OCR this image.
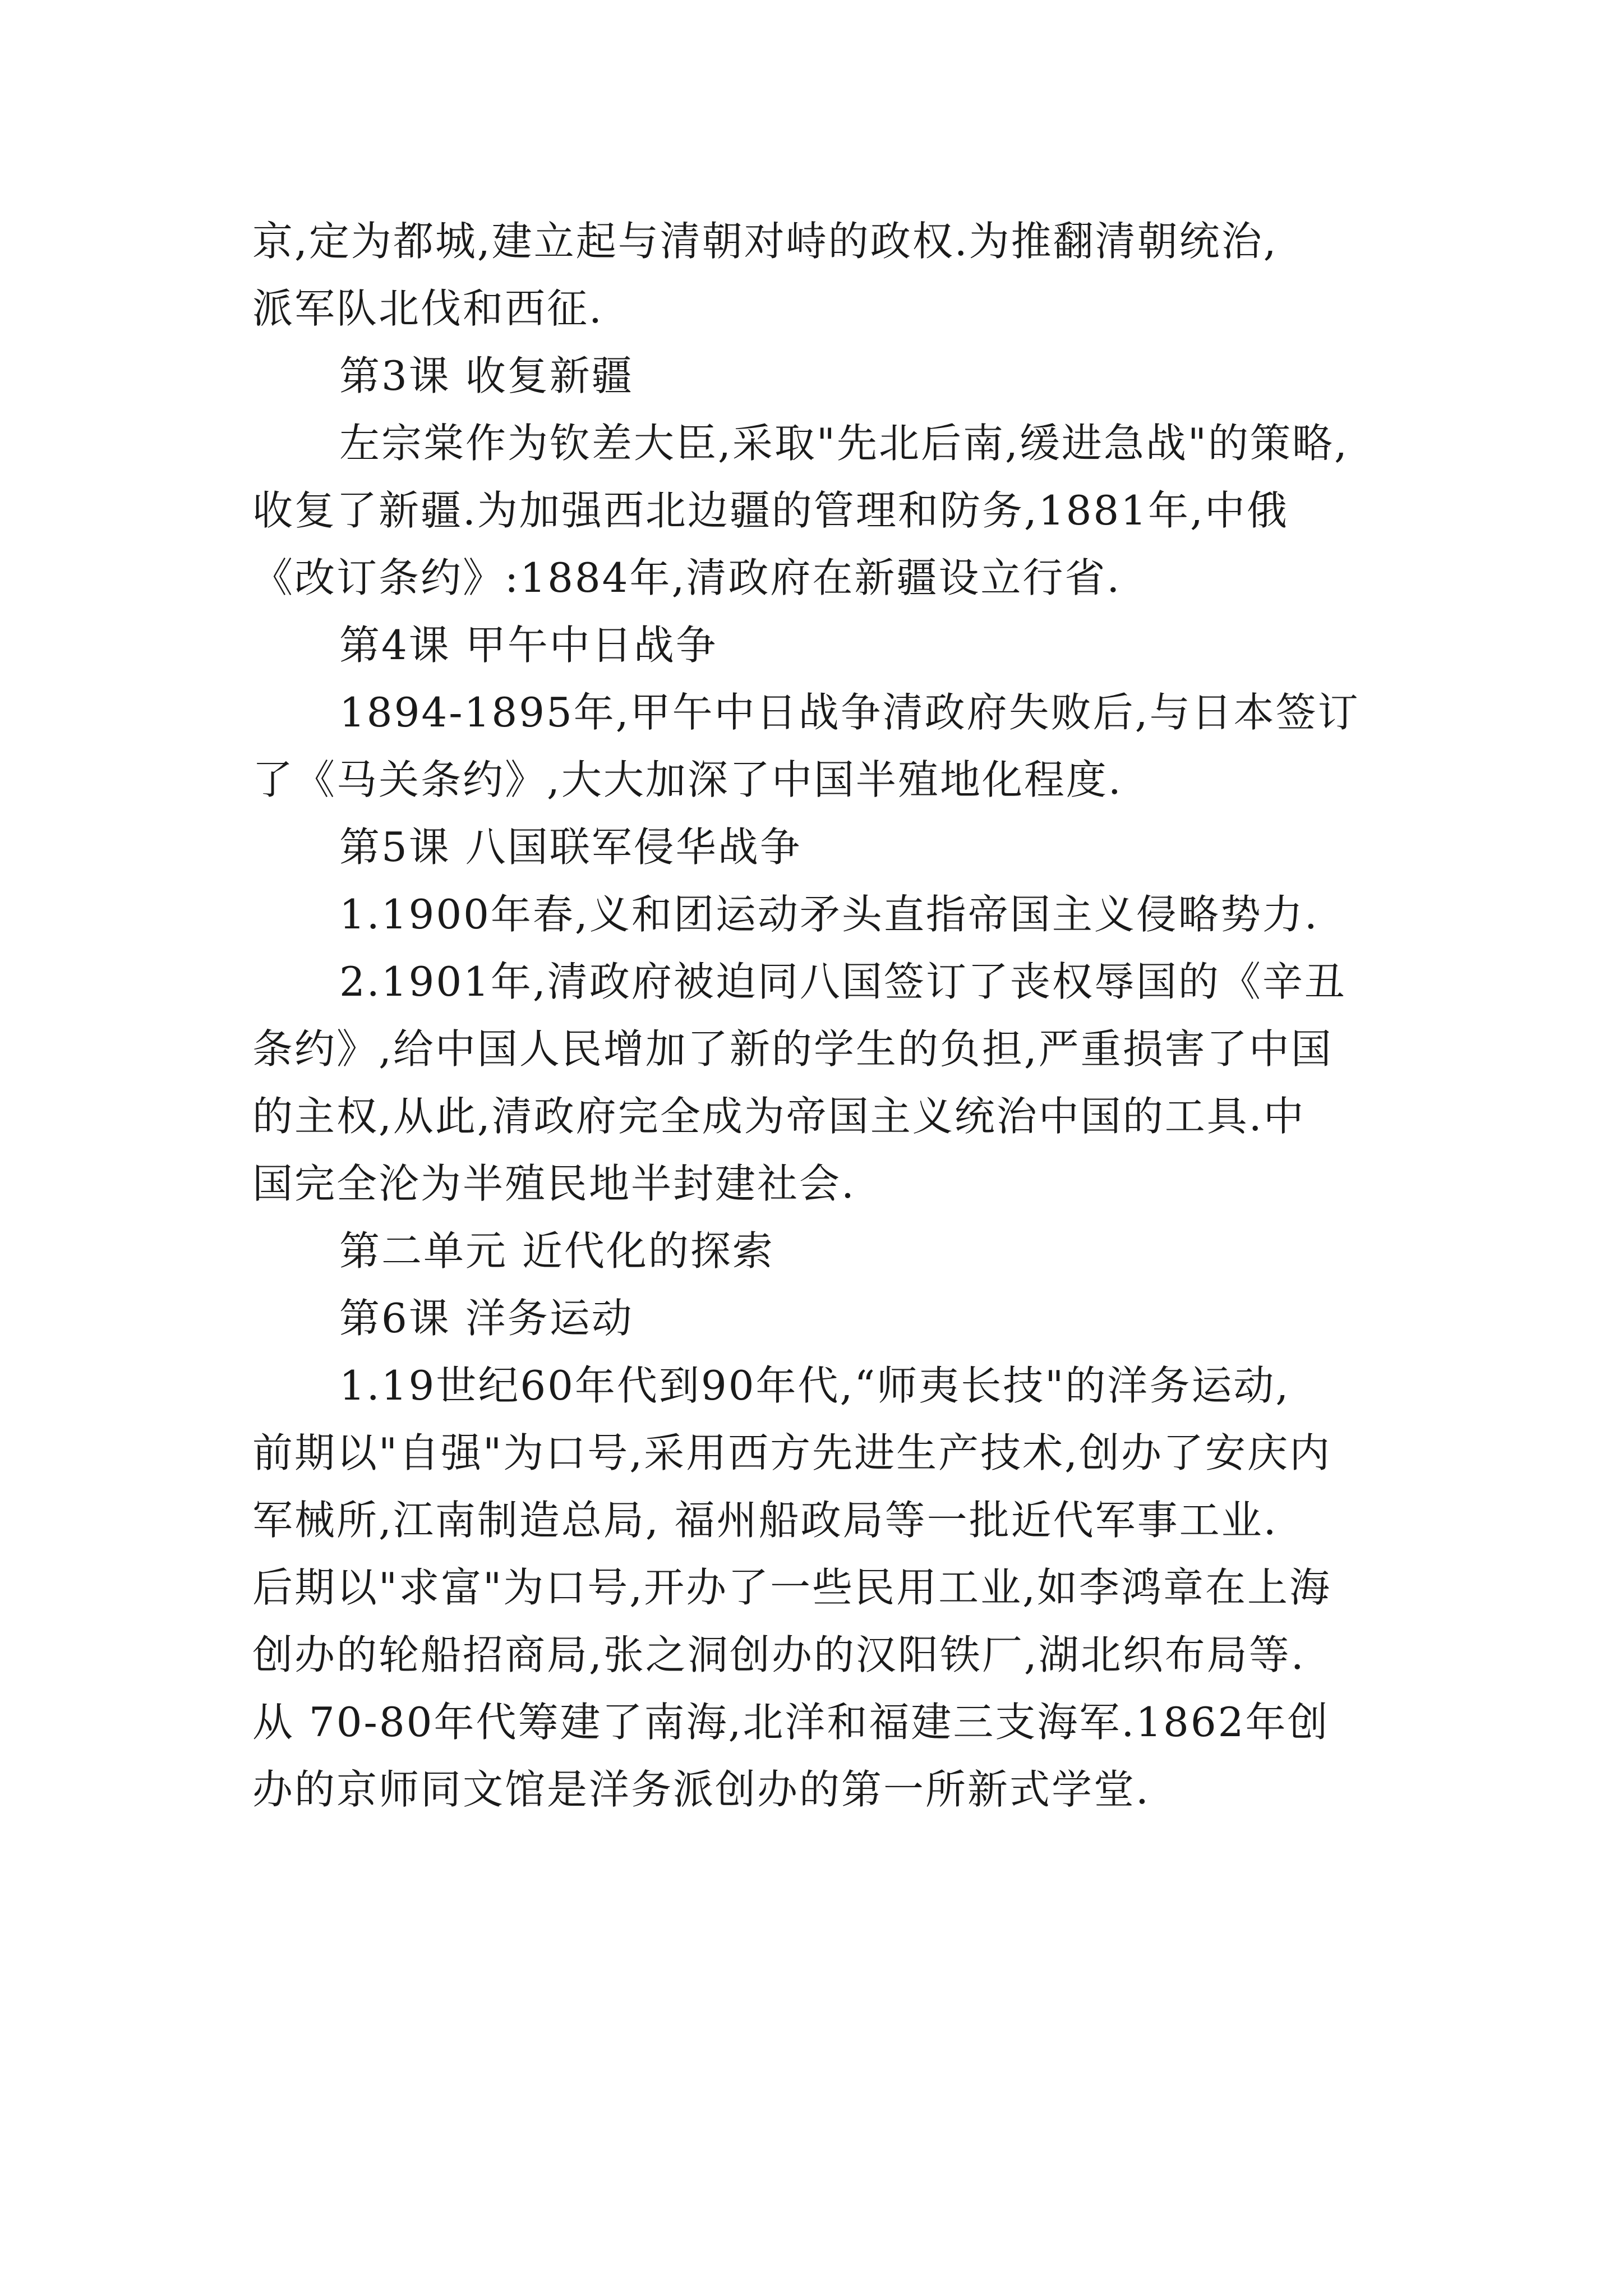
京,定为都城,建立起与清朝对峙的政权.为推翻清朝统治,

派军队北伐和西征.

第3课 收复新疆

左宗棠作为钦差大臣,采取"先北后南,缓进急战"的策略,

收复了新疆.为加强西北边疆的管理和防务,1881年,中俄

《改订条约》:1884年,清政府在新疆设立行省.

第4课 甲午中日战争

1894-1895年,甲午中日战争清政府失败后,与日本签订

了《马关条约》,大大加深了中国半殖地化程度.

第5课 八国联军侵华战争

1.1900年春,义和团运动矛头直指帝国主义侵略势力.

2.1901年,清政府被迫同八国签订了丧权辱国的《辛丑

条约》,给中国人民增加了新的学生的负担,严重损害了中国

的主权,从此,清政府完全成为帝国主义统治中国的工具.中

国完全沦为半殖民地半封建社会.

第二单元 近代化的探索

第6课 洋务运动

1.19世纪60年代到90年代,“师夷长技"的洋务运动,

前期以"自强"为口号,采用西方先进生产技术,创办了安庆内

军械所,江南制造总局, 福州船政局等一批近代军事工业.

后期以"求富"为口号,开办了一些民用工业,如李鸿章在上海

创办的轮船招商局,张之洞创办的汉阳铁厂,湖北织布局等.

从 70-80年代筹建了南海,北洋和福建三支海军.1862年创

办的京师同文馆是洋务派创办的第一所新式学堂.
